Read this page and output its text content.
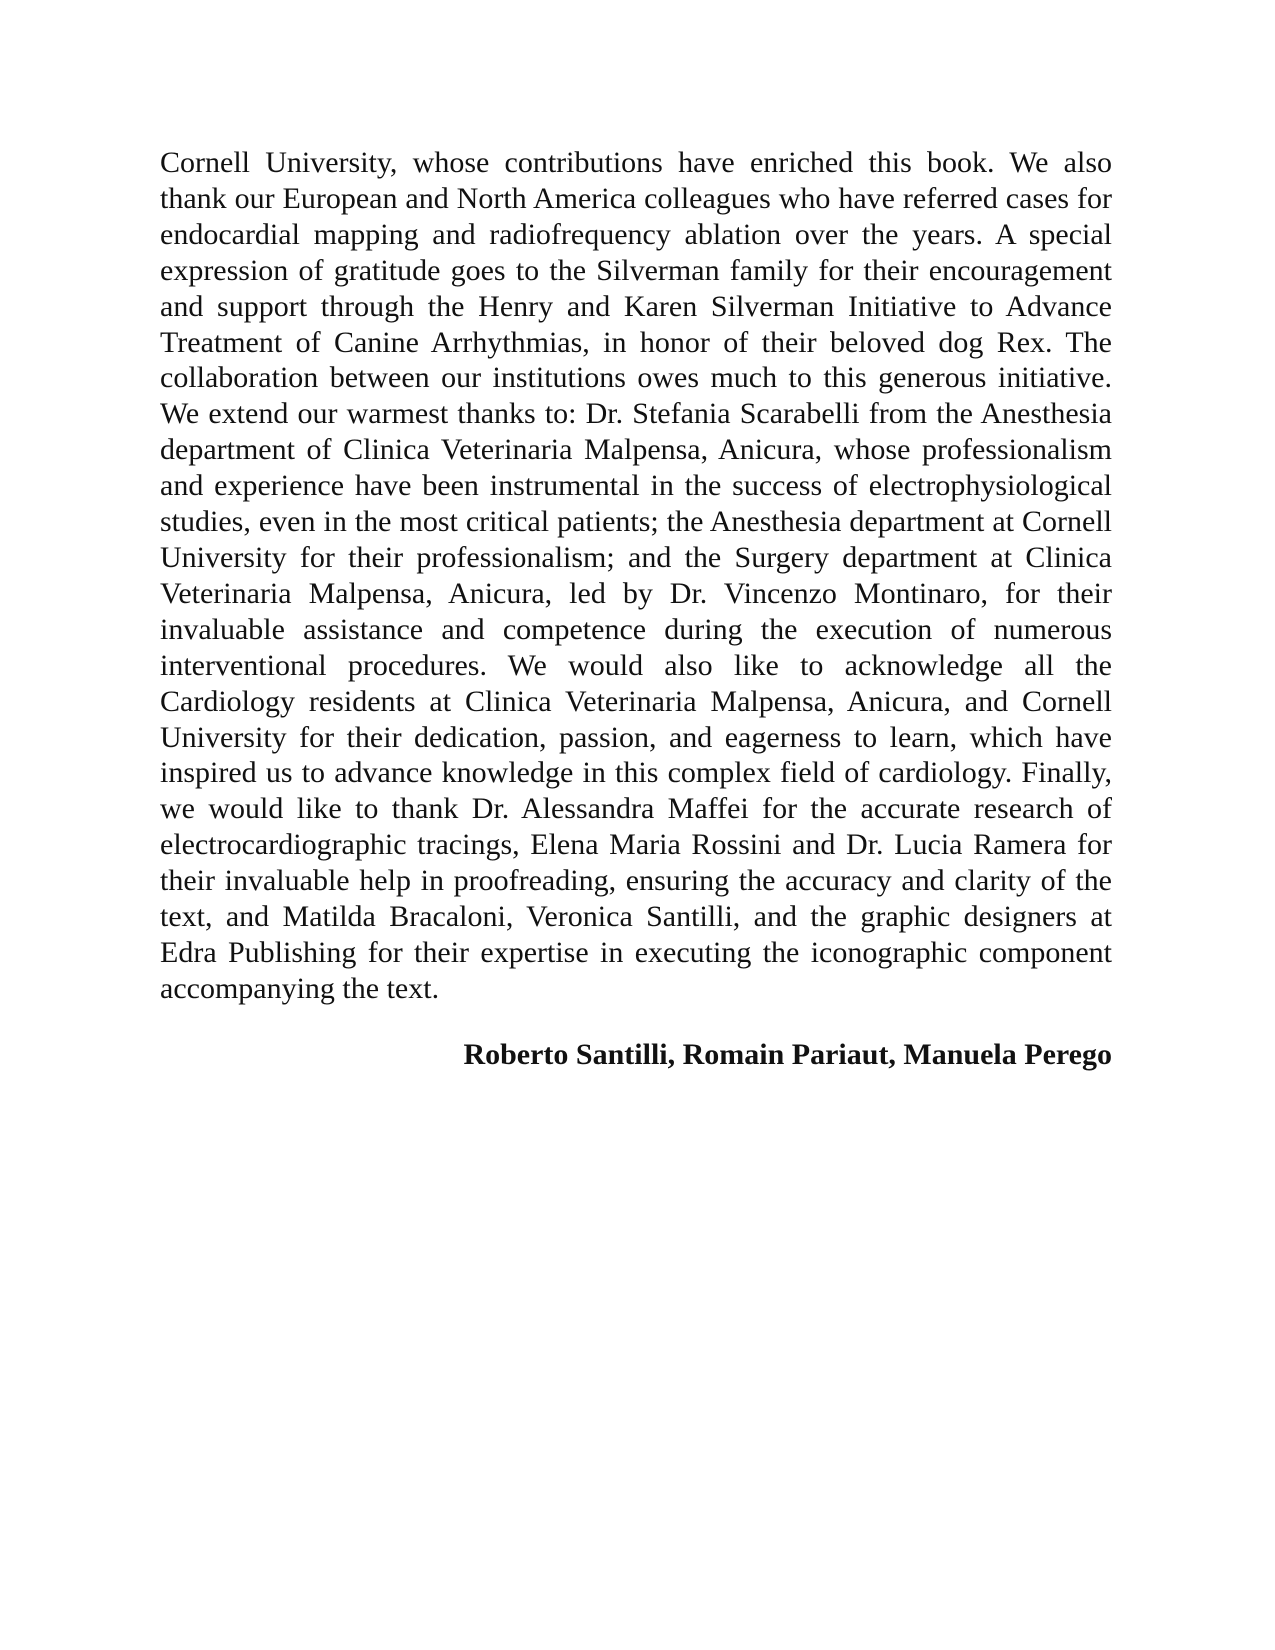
Cornell University, whose contributions have enriched this book. We also thank our European and North America colleagues who have referred cases for endocardial mapping and radiofrequency ablation over the years. A special expression of gratitude goes to the Silverman family for their encouragement and support through the Henry and Karen Silverman Initiative to Advance Treatment of Canine Arrhythmias, in honor of their beloved dog Rex. The collaboration between our institutions owes much to this generous initiative. We extend our warmest thanks to: Dr. Stefania Scarabelli from the Anesthesia department of Clinica Veterinaria Malpensa, Anicura, whose professionalism and experience have been instrumental in the success of electrophysiological studies, even in the most critical patients; the Anesthesia department at Cornell University for their professionalism; and the Surgery department at Clinica Veterinaria Malpensa, Anicura, led by Dr. Vincenzo Montinaro, for their invaluable assistance and competence during the execution of numerous interventional procedures. We would also like to acknowledge all the Cardiology residents at Clinica Veterinaria Malpensa, Anicura, and Cornell University for their dedication, passion, and eagerness to learn, which have inspired us to advance knowledge in this complex field of cardiology. Finally, we would like to thank Dr. Alessandra Maffei for the accurate research of electrocardiographic tracings, Elena Maria Rossini and Dr. Lucia Ramera for their invaluable help in proofreading, ensuring the accuracy and clarity of the text, and Matilda Bracaloni, Veronica Santilli, and the graphic designers at Edra Publishing for their expertise in executing the iconographic component accompanying the text.

Roberto Santilli, Romain Pariaut, Manuela Perego
